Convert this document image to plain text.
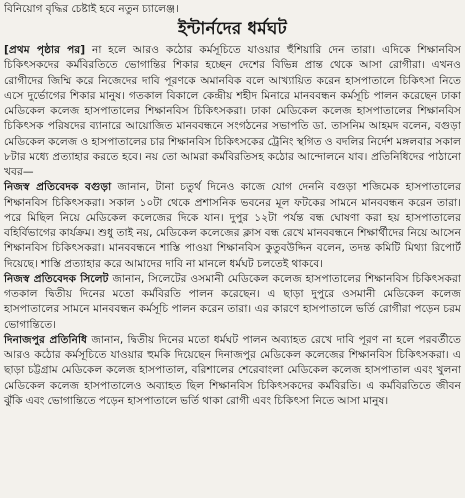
বিনিয়োগ বৃদ্ধির চেষ্টাই হবে নতুন চ্যালেঞ্জ।
ইন্টার্নদের ধর্মঘট

[প্রথম পৃষ্ঠার পর] না হলে আরও কঠোর কর্মসূচিতে যাওয়ার হুঁশিয়ারি দেন তারা। এদিকে শিক্ষানবিস চিকিৎসকদের কর্মবিরতিতে ভোগান্তির শিকার হচ্ছেন দেশের বিভিন্ন প্রান্ত থেকে আসা রোগীরা। এখনও রোগীদের জিম্মি করে নিজেদের দাবি পূরণকে অমানবিক বলে আখ্যায়িত করেন হাসপাতালে চিকিৎসা নিতে এসে দুর্ভোগের শিকার মানুষ। গতকাল বিকালে কেন্দ্রীয় শহীদ মিনারে মানববন্ধন কর্মসূচি পালন করেছেন ঢাকা মেডিকেল কলেজ হাসপাতালের শিক্ষানবিস চিকিৎসকরা। ঢাকা মেডিকেল কলেজ হাসপাতালের শিক্ষানবিস চিকিৎসক পরিষদের ব্যানারে আয়োজিত মানববন্ধনে সংগঠনের সভাপতি ডা. তাসনিম আহমদ বলেন, বগুড়া মেডিকেল কলেজ ও হাসপাতালের চার শিক্ষানবিস চিকিৎসকের ট্রেনিং স্থগিত ও বদলির নির্দেশ মঙ্গলবার সকাল ৮টার মধ্যে প্রত্যাহার করতে হবে। নয় তো আমরা কর্মবিরতিসহ কঠোর আন্দোলনে যাব। প্রতিনিধিদের পাঠানো খবর—

নিজস্ব প্রতিবেদক বগুড়া জানান, টানা চতুর্থ দিনেও কাজে যোগ দেননি বগুড়া শজিমেক হাসপাতালের শিক্ষানবিস চিকিৎসকরা। সকাল ১০টা থেকে প্রশাসনিক ভবনের মূল ফটকের সামনে মানববন্ধন করেন তারা। পরে মিছিল নিয়ে মেডিকেল কলেজের দিকে যান। দুপুর ১২টা পর্যন্ত বন্ধ ঘোষণা করা হয় হাসপাতালের বহির্বিভাগের কার্যক্রম। শুধু তাই নয়, মেডিকেল কলেজের ক্লাস বন্ধ রেখে মানববন্ধনে শিক্ষার্থীদের নিয়ে আসেন শিক্ষানবিস চিকিৎসকরা। মানববন্ধনে শাস্তি পাওয়া শিক্ষানবিস কুতুবউদ্দিন বলেন, তদন্ত কমিটি মিথ্যা রিপোর্ট দিয়েছে। শাস্তি প্রত্যাহার করে আমাদের দাবি না মানলে ধর্মঘট চলতেই থাকবে।

নিজস্ব প্রতিবেদক সিলেট জানান, সিলেটের ওসমানী মেডিকেল কলেজ হাসপাতালের শিক্ষানবিস চিকিৎসকরা গতকাল দ্বিতীয় দিনের মতো কর্মবিরতি পালন করেছেন। এ ছাড়া দুপুরে ওসমানী মেডিকেল কলেজ হাসপাতালের সামনে মানববন্ধন কর্মসূচি পালন করেন তারা। এর কারণে হাসপাতালে ভর্তি রোগীরা পড়েন চরম ভোগান্তিতে।

দিনাজপুর প্রতিনিধি জানান, দ্বিতীয় দিনের মতো ধর্মঘট পালন অব্যাহত রেখে দাবি পূরণ না হলে পরবর্তীতে আরও কঠোর কর্মসূচিতে যাওয়ার হুমকি দিয়েছেন দিনাজপুর মেডিকেল কলেজের শিক্ষানবিস চিকিৎসকরা। এ ছাড়া চট্টগ্রাম মেডিকেল কলেজ হাসপাতাল, বরিশালের শেরেবাংলা মেডিকেল কলেজ হাসপাতাল এবং খুলনা মেডিকেল কলেজ হাসপাতালেও অব্যাহত ছিল শিক্ষানবিস চিকিৎসকদের কর্মবিরতি। এ কর্মবিরতিতে জীবন ঝুঁকি এবং ভোগান্তিতে পড়েন হাসপাতালে ভর্তি থাকা রোগী এবং চিকিৎসা নিতে আসা মানুষ।
